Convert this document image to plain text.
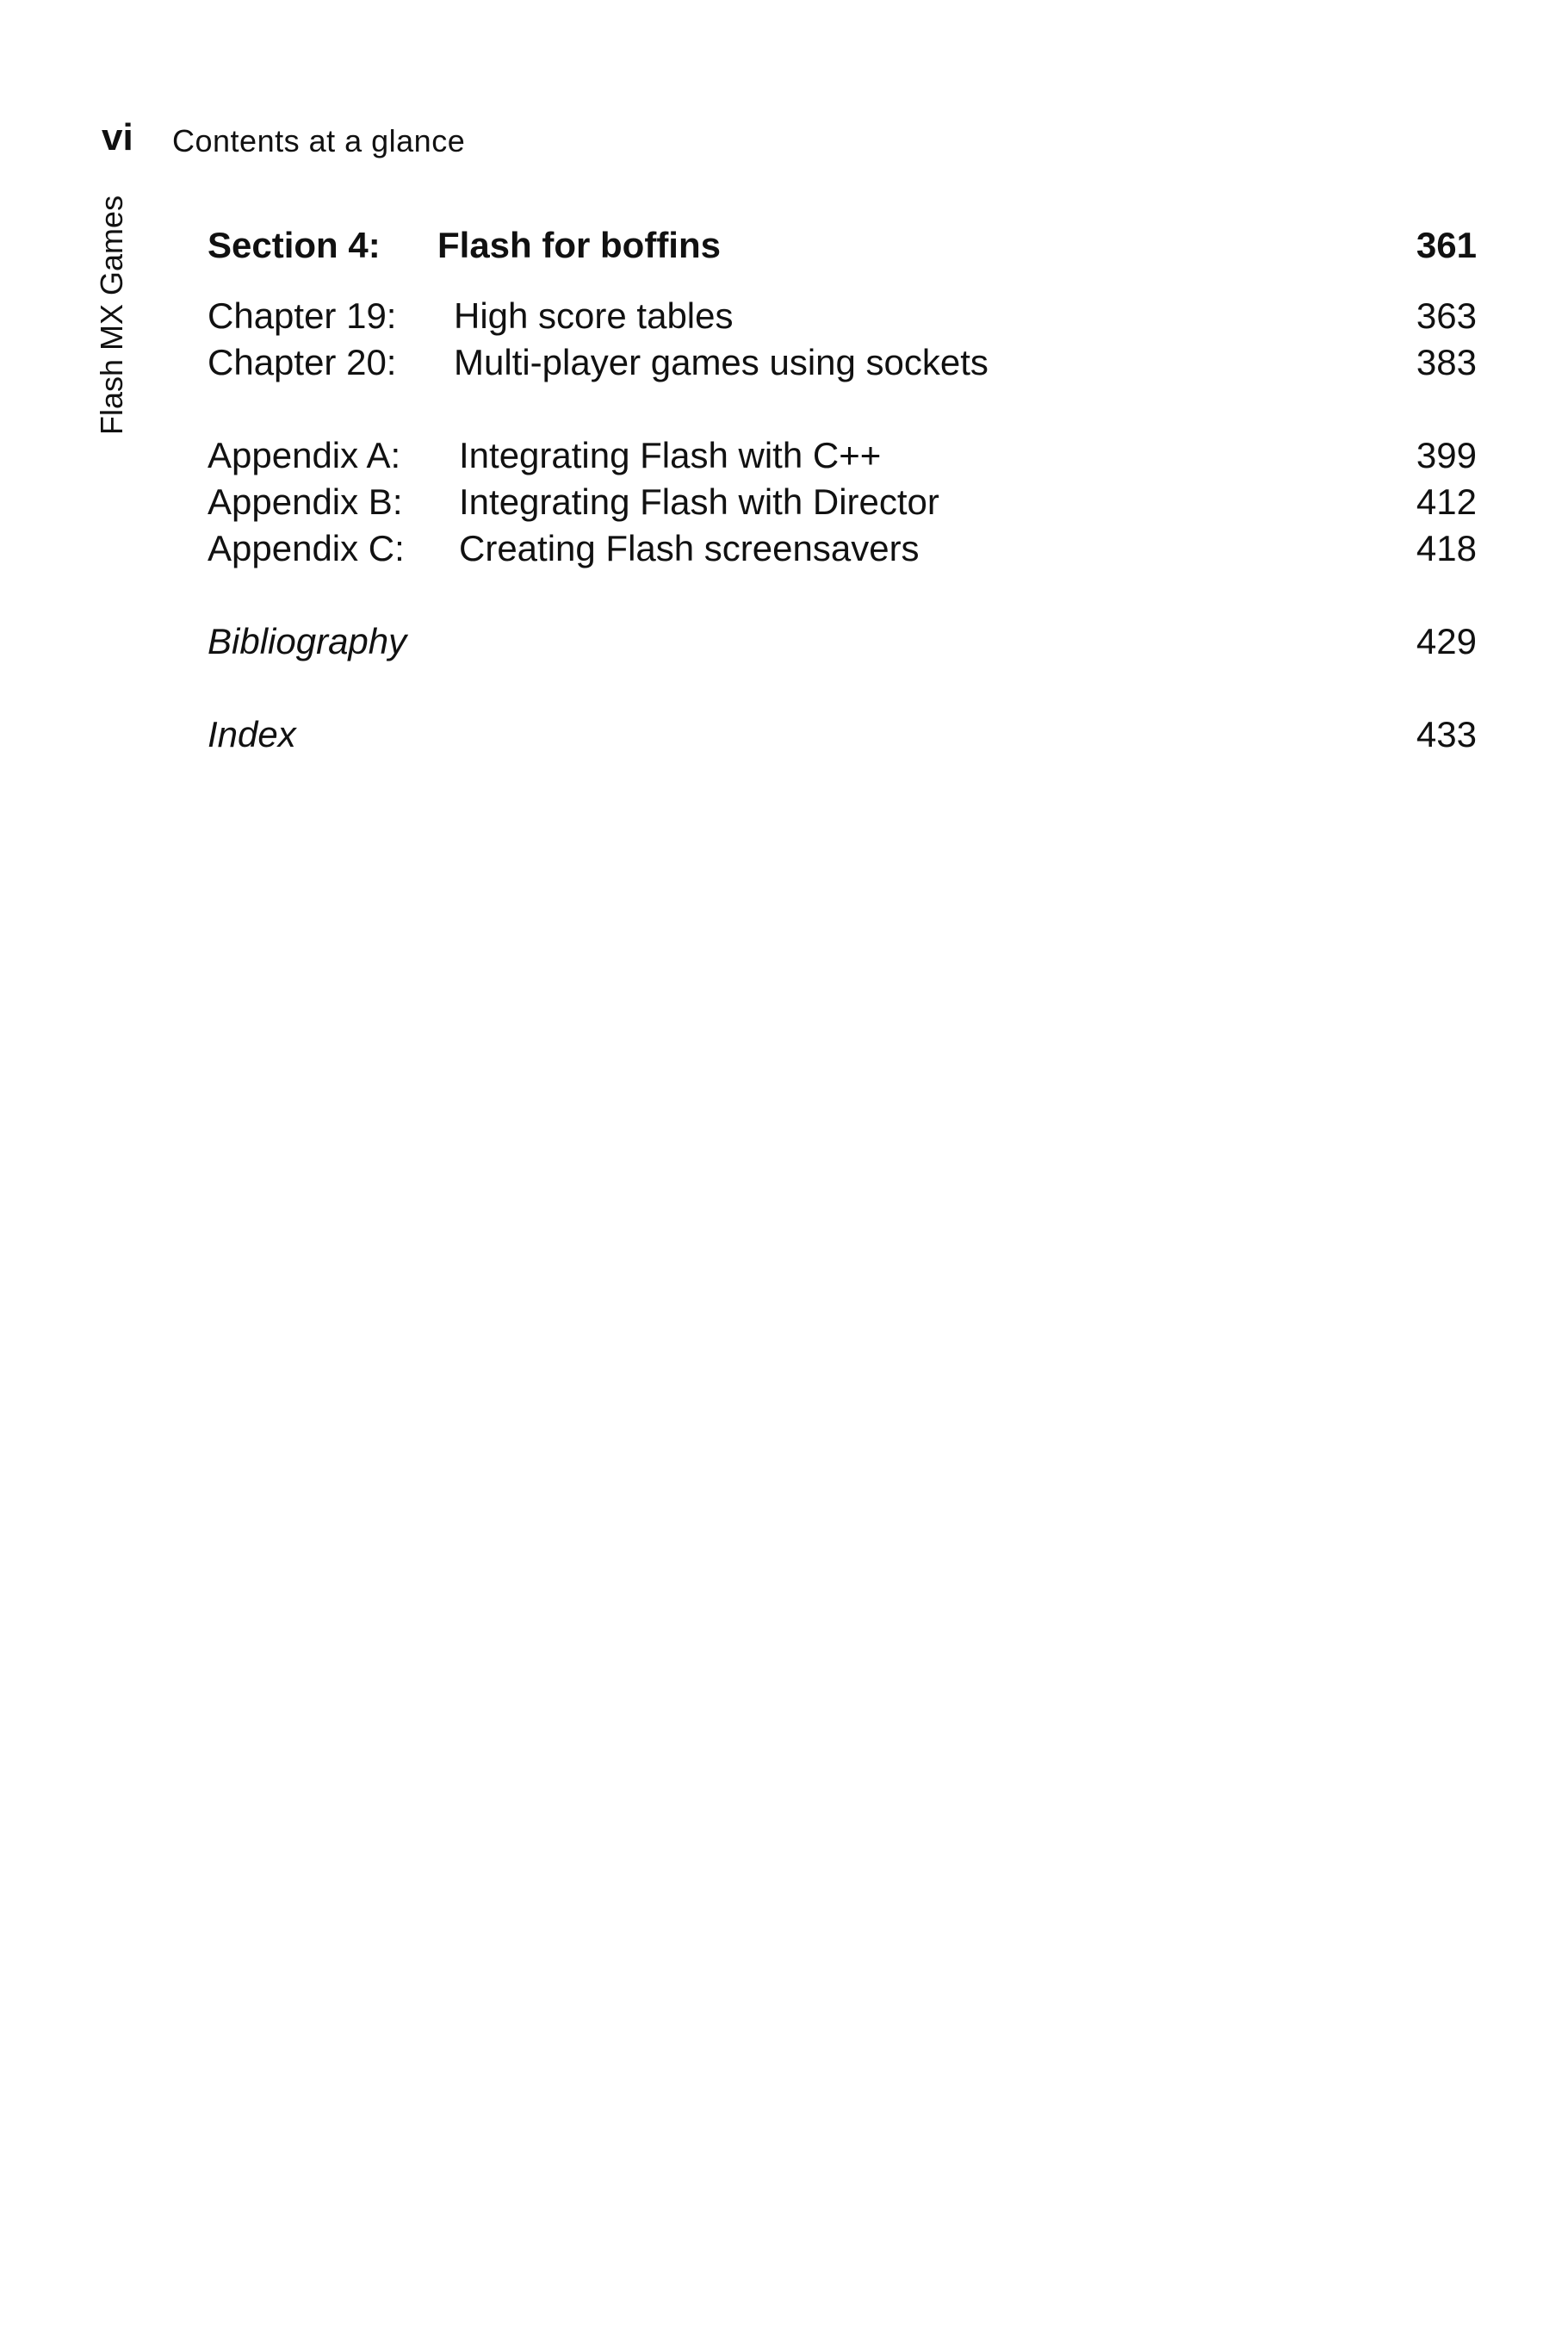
vi Contents at a glance
Flash MX Games Section 4: Flash for boffins	361
Chapter 19: High score tables	363
Chapter 20: Multi-player games using sockets	383
Appendix A: Integrating Flash with C++	399
Appendix B: Integrating Flash with Director	412
Appendix C: Creating Flash screensavers	418
Bibliography	429
Index	433
